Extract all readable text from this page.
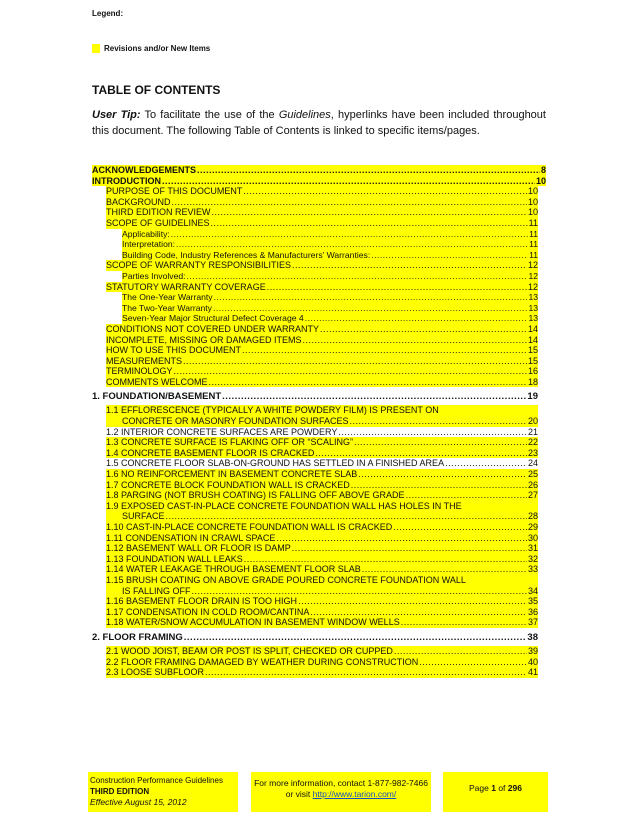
Legend:
Revisions and/or New Items
TABLE OF CONTENTS
User Tip: To facilitate the use of the Guidelines, hyperlinks have been included throughout this document. The following Table of Contents is linked to specific items/pages.
ACKNOWLEDGEMENTS .....	8
INTRODUCTION .....	10
PURPOSE OF THIS DOCUMENT .....	10
BACKGROUND .....	10
THIRD EDITION REVIEW .....	10
SCOPE OF GUIDELINES .....	11
Applicability: .....	11
Interpretation: .....	11
Building Code, Industry References & Manufacturers’ Warranties: .....	11
SCOPE OF WARRANTY RESPONSIBILITIES .....	12
Parties Involved: .....	12
STATUTORY WARRANTY COVERAGE .....	12
The One-Year Warranty .....	13
The Two-Year Warranty .....	13
Seven-Year Major Structural Defect Coverage 4 .....	13
CONDITIONS NOT COVERED UNDER WARRANTY .....	14
INCOMPLETE, MISSING OR DAMAGED ITEMS .....	14
HOW TO USE THIS DOCUMENT .....	15
MEASUREMENTS .....	15
TERMINOLOGY .....	16
COMMENTS WELCOME .....	18
1. FOUNDATION/BASEMENT .....	19
1.1 EFFLORESCENCE (TYPICALLY A WHITE POWDERY FILM) IS PRESENT ON
CONCRETE OR MASONRY FOUNDATION SURFACES .....	20
1.2 INTERIOR CONCRETE SURFACES ARE POWDERY .....	21
1.3 CONCRETE SURFACE IS FLAKING OFF OR “SCALING” .....	22
1.4 CONCRETE BASEMENT FLOOR IS CRACKED .....	23
1.5 CONCRETE FLOOR SLAB-ON-GROUND HAS SETTLED IN A FINISHED AREA .....	24
1.6 NO REINFORCEMENT IN BASEMENT CONCRETE SLAB .....	25
1.7 CONCRETE BLOCK FOUNDATION WALL IS CRACKED .....	26
1.8 PARGING (NOT BRUSH COATING) IS FALLING OFF ABOVE GRADE .....	27
1.9 EXPOSED CAST-IN-PLACE CONCRETE FOUNDATION WALL HAS HOLES IN THE
SURFACE .....	28
1.10 CAST-IN-PLACE CONCRETE FOUNDATION WALL IS CRACKED .....	29
1.11 CONDENSATION IN CRAWL SPACE .....	30
1.12 BASEMENT WALL OR FLOOR IS DAMP .....	31
1.13 FOUNDATION WALL LEAKS .....	32
1.14 WATER LEAKAGE THROUGH BASEMENT FLOOR SLAB .....	33
1.15 BRUSH COATING ON ABOVE GRADE POURED CONCRETE FOUNDATION WALL
IS FALLING OFF .....	34
1.16 BASEMENT FLOOR DRAIN IS TOO HIGH .....	35
1.17 CONDENSATION IN COLD ROOM/CANTINA .....	36
1.18 WATER/SNOW ACCUMULATION IN BASEMENT WINDOW WELLS .....	37
2. FLOOR FRAMING .....	38
2.1 WOOD JOIST, BEAM OR POST IS SPLIT, CHECKED OR CUPPED .....	39
2.2 FLOOR FRAMING DAMAGED BY WEATHER DURING CONSTRUCTION .....	40
2.3 LOOSE SUBFLOOR .....	41
Construction Performance Guidelines
THIRD EDITION
Effective August 15, 2012
For more information, contact 1-877-982-7466
or visit http://www.tarion.com/
Page 1 of 296
